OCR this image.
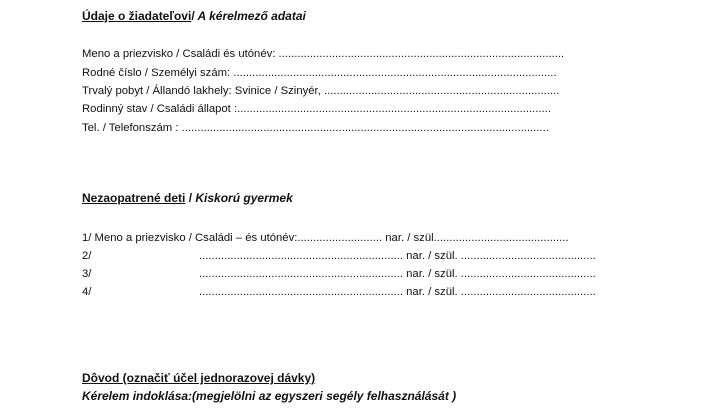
Údaje o žiadateľovi/ A kérelmező adatai
Meno a priezvisko / Családi és utónév: ...........................................................................................
Rodné číslo / Személyi szám: .......................................................................................................
Trvalý pobyt / Állandó lakhely: Svinice / Szinyér, ...........................................................................
Rodinný stav / Családi állapot :....................................................................................................
Tel. / Telefonszám : .....................................................................................................................
Nezaopatrené deti / Kiskorú gyermek
1/ Meno a priezvisko / Családi – és utónév:........................... nar. / szül...........................................
2/	................................................................. nar. / szül. ...........................................
3/	................................................................. nar. / szül. ...........................................
4/	................................................................. nar. / szül. ...........................................
Dôvod (označiť účel jednorazovej dávky)
Kérelem indoklása:(megjelölni az egyszeri segély felhasználását )
